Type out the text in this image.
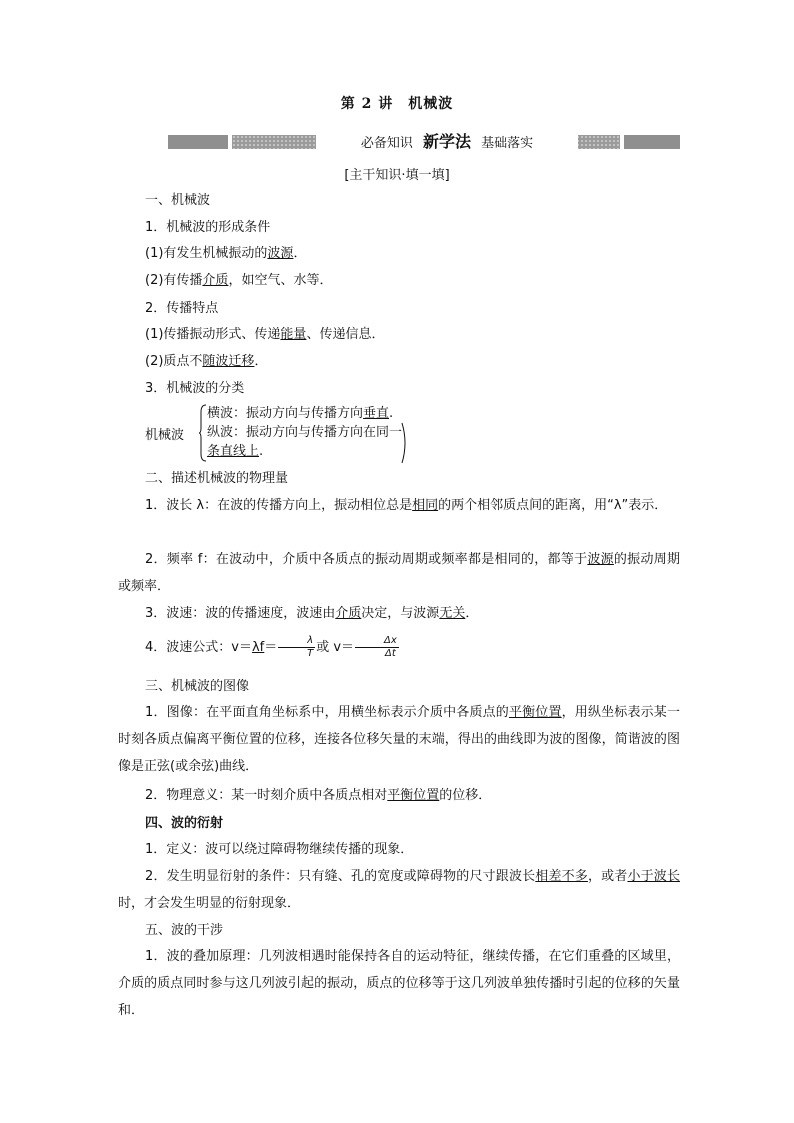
第 2 讲　机械波
必备知识 新学法 基础落实
[主干知识·填一填]
一、机械波
1．机械波的形成条件
(1)有发生机械振动的波源．
(2)有传播介质，如空气、水等．
2．传播特点
(1)传播振动形式、传递能量、传递信息．
(2)质点不随波迁移．
3．机械波的分类
机械波
横波：振动方向与传播方向垂直.
纵波：振动方向与传播方向在同一
条直线上.
二、描述机械波的物理量
1．波长 λ：在波的传播方向上，振动相位总是相同的两个相邻质点间的距离，用“λ”表示．
2．频率 f：在波动中，介质中各质点的振动周期或频率都是相同的，都等于波源的振动周期或频率．
3．波速：波的传播速度，波速由介质决定，与波源无关．
4．波速公式：$v=\lambda f= \frac{\lambda}{T}$ 或 $v= \frac{\Delta x}{\Delta t}$
三、机械波的图像
1．图像：在平面直角坐标系中，用横坐标表示介质中各质点的平衡位置，用纵坐标表示某一时刻各质点偏离平衡位置的位移，连接各位移矢量的末端，得出的曲线即为波的图像，简谐波的图像是正弦(或余弦)曲线．
2．物理意义：某一时刻介质中各质点相对平衡位置的位移．
四、波的衍射
1．定义：波可以绕过障碍物继续传播的现象．
2．发生明显衍射的条件：只有缝、孔的宽度或障碍物的尺寸跟波长相差不多，或者小于波长时，才会发生明显的衍射现象．
五、波的干涉
1．波的叠加原理：几列波相遇时能保持各自的运动特征，继续传播，在它们重叠的区域里，介质的质点同时参与这几列波引起的振动，质点的位移等于这几列波单独传播时引起的位移的矢量和．
